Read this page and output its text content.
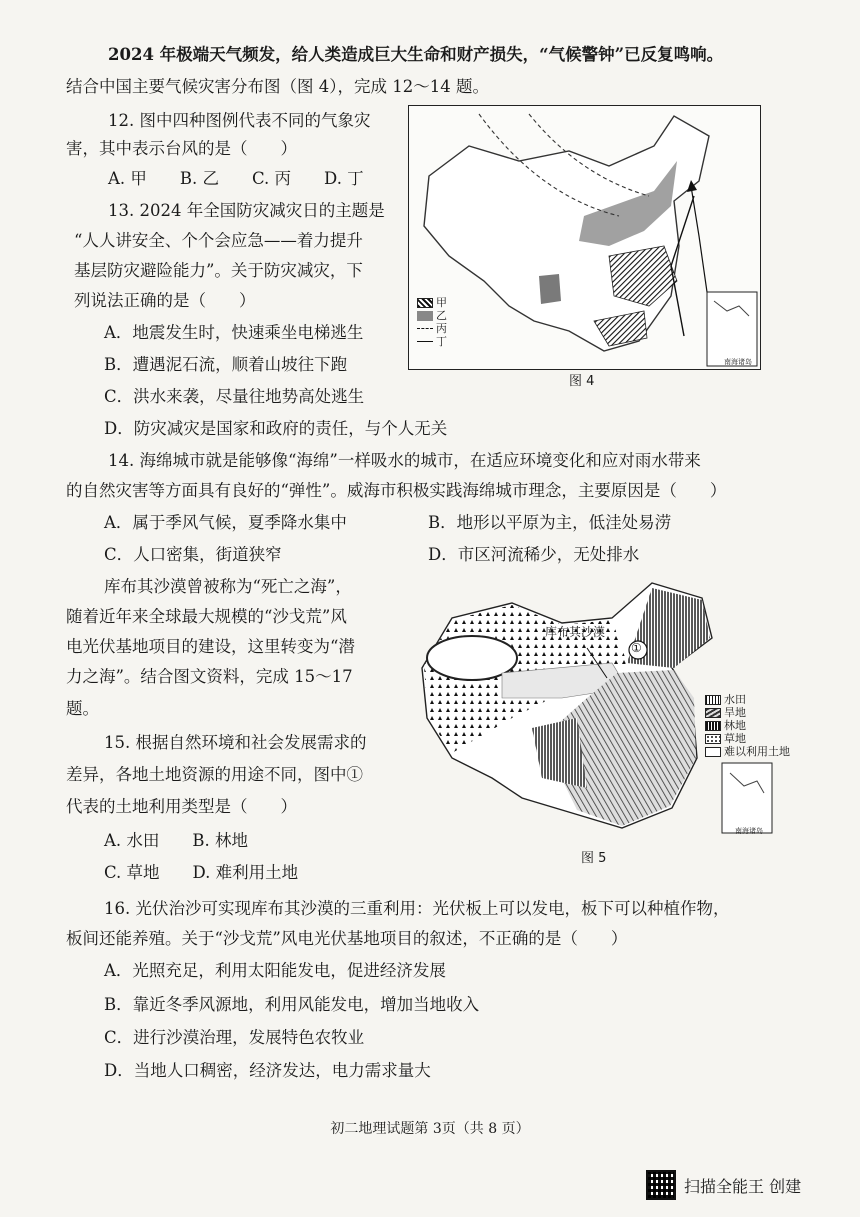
2024 年极端天气频发，给人类造成巨大生命和财产损失，“气候警钟”已反复鸣响。
结合中国主要气候灾害分布图（图 4），完成 12～14 题。
12. 图中四种图例代表不同的气象灾
害，其中表示台风的是（　　）
A. 甲　　B. 乙　　C. 丙　　D. 丁
13. 2024 年全国防灾减灾日的主题是
“人人讲安全、个个会应急——着力提升
基层防灾避险能力”。关于防灾减灾，下
列说法正确的是（　　）
A．地震发生时，快速乘坐电梯逃生
B．遭遇泥石流，顺着山坡往下跑
C．洪水来袭，尽量往地势高处逃生
D．防灾减灾是国家和政府的责任，与个人无关
甲
乙
丙
丁
南海诸岛
图 4
14. 海绵城市就是能够像“海绵”一样吸水的城市，在适应环境变化和应对雨水带来
的自然灾害等方面具有良好的“弹性”。威海市积极实践海绵城市理念，主要原因是（　　）
A．属于季风气候，夏季降水集中	B．地形以平原为主，低洼处易涝
C．人口密集，街道狭窄	D．市区河流稀少，无处排水
库布其沙漠曾被称为“死亡之海”，
随着近年来全球最大规模的“沙戈荒”风
电光伏基地项目的建设，这里转变为“潜
力之海”。结合图文资料，完成 15～17
题。
15. 根据自然环境和社会发展需求的
差异，各地土地资源的用途不同，图中①
代表的土地利用类型是（　　）
A. 水田　　B. 林地
C. 草地　　D. 难利用土地
库布其沙漠
①
水田
旱地
林地
草地
难以利用土地
南海诸岛
图 5
16. 光伏治沙可实现库布其沙漠的三重利用：光伏板上可以发电，板下可以种植作物，
板间还能养殖。关于“沙戈荒”风电光伏基地项目的叙述，不正确的是（　　）
A．光照充足，利用太阳能发电，促进经济发展
B．靠近冬季风源地，利用风能发电，增加当地收入
C．进行沙漠治理，发展特色农牧业
D．当地人口稠密，经济发达，电力需求量大
初二地理试题第 3页（共 8 页）
扫描全能王 创建
